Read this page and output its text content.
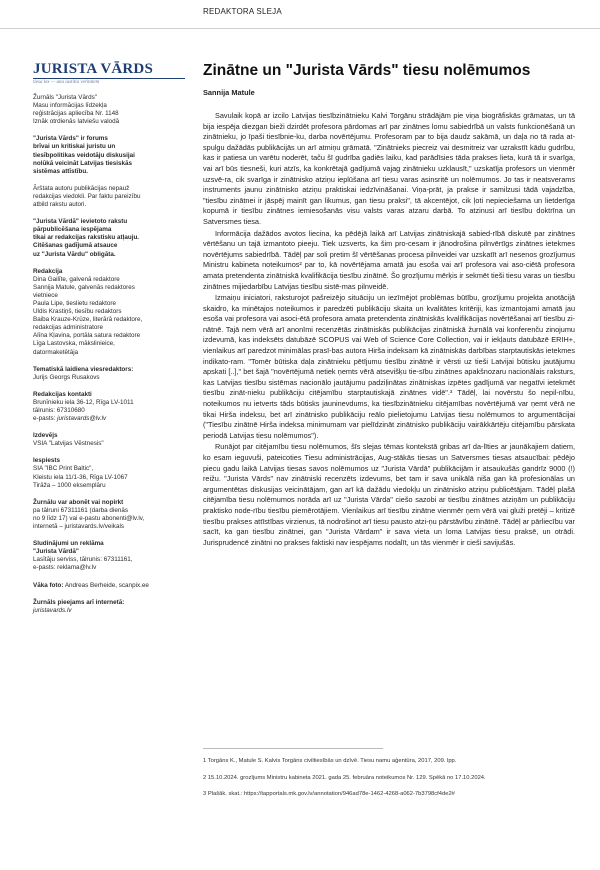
REDAKTORA SLEJA
JURISTA VĀRDS
tiesa lex — una iustitia veritatem
Žurnāls "Jurista Vārds"
Masu informācijas līdzekļa
reģistrācijas apliecība Nr. 1148
Iznāk otrdienās latviešu valodā
"Jurista Vārds" ir forums
brīvai un kritiskai juristu un
tiesībpolitikas veidotāju diskusijai
nolūkā veicināt Latvijas tiesiskās
sistēmas attīstību.
Ārštata autoru publikācijas nepauž
redakcijas viedokli. Par faktu pareizību
atbild rakstu autori.
"Jurista Vārdā" ievietoto rakstu
pārpublicēšana iespējama
tikai ar redakcijas rakstisku atļauju.
Citēšanas gadījumā atsauce
uz "Jurista Vārdu" obligāta.
Redakcija
Dina Gailīte, galvenā redaktore
Sannija Matule, galvenās redaktores
vietniece
Paula Lipe, tieslietu redaktore
Uldis Krastiņš, tiesību redaktors
Baiba Krauze-Krūze, literārā redaktore,
redakcijas administratore
Alīna Kļavina, portāla satura redaktore
Līga Lastovska, mākslinieice,
datormaketētāja
Tematiskā laidiena viesredaktors:
Jurijs Georgs Rusakovs
Redakcijas kontakti
Brunīnieku iela 36-12, Rīga LV-1011
tālrunis: 67310680
e-pasts: juristavards@lv.lv
Izdevējs
VSIA "Latvijas Vēstnesis"
Iespiests
SIA "IBC Print Baltic",
Kleistu iela 11/1-36, Rīga LV-1067
Tirāža – 1000 eksemplāru
Žurnālu var abonēt vai nopirkt
pa tālruni 67311161 (darba dienās
no 9 līdz 17) vai e-pastu abonenti@lv.lv,
internetā – juristavards.lv/veikals
Sludinājumi un reklāma
"Jurista Vārdā"
Lasītāju serviss, tālrunis: 67311161,
e-pasts: reklama@lv.lv
Vāka foto: Andreas Berheide, scanpix.ee
Žurnāls pieejams arī internetā:
juristavards.lv
Zinātne un "Jurista Vārds" tiesu nolēmumos
Sannija Matule

Savulaik kopā ar izcilo Latvijas tiesībzinātnieku Kalvi Torgānu strādājām pie viņa biogrāfiskās grāmatas, un tā bija iespēja diezgan bieži dzirdēt profesora pārdomas arī par zinātnes lomu sabiedrībā un valsts funkcionēšanā un zinātnieku, jo īpaši tiesībnie-ku, darba novērtējumu. Profesoram par to bija daudz sakāmā, un daļa no tā rada at-spulgu dažādās publikācijās un arī atmiņu grāmatā. "Zinātnieks piecreiz vai desmitreiz var uzrakstīt kādu gudrību, kas ir patiesa un varētu noderēt, taču šī gudrība gadiēs laiku, kad parādīsies tāda prakses lieta, kurā tā ir svarīga, vai arī būs tiesneši, kuri atzīs, ka konkrētajā gadījumā vajag zinātnieku uzklausīt," uzskatīja profesors un vienmēr uzsvē-ra, cik svarīga ir zinātnisko atziņu ieplūšana arī tiesu varas asinsritē un nolēmumos. Jo tas ir neatsverams instruments jaunu zinātnisko atziņu praktiskai iedzīvināšanai. Viņa-prāt, ja prakse ir samilzusi tādā vajadzība, "tiesību zinātnei ir jāspēj mainīt gan likumus, gan tiesu praksi", tā akcentējot, cik ļoti nepieciešama un lietderīga kopumā ir tiesību zinātnes iemiesošanās visu valsts varas atzaru darbā. To atzinusi arī tiesību doktrīna un Satversmes tiesa.

Informācija dažādos avotos liecina, ka pēdējā laikā arī Latvijas zinātniskajā sabied-rībā diskutē par zinātnes vērtēšanu un tajā izmantoto pieeju. Tiek uzsverts, ka šim pro-cesam ir jānodrošina pilnvērtīgs zinātnes ietekmes novērtējums sabiedrībā. Tādēļ par soli pretim šī vērtēšanas procesa pilnveidei var uzskatīt arī nesenos grozījumus Ministru kabineta noteikumos² par to, kā novērtējama amatā jau esoša vai arī profesora vai aso-ciētā profesora amata pretendenta zinātniskā kvalifikācija tiesību zinātnē. Šo grozījumu mērķis ir sekmēt tieši tiesu varas un tiesību zinātnes mijiedarbību Latvijas tiesību sistē-mas pilnveidē.

Izmaiņu iniciatori, raksturojot pašreizējo situāciju un iezīmējot problēmas būtību, grozījumu projekta anotācijā skaidro, ka minētajos noteikumos ir paredzēti publikāciju skaita un kvalitātes kritēriji, kas izmantojami amatā jau esoša vai profesora vai asoci-ētā profesora amata pretendenta zinātniskās kvalifikācijas novērtēšanai arī tiesību zi-nātnē. Tajā nem vērā arī anonīmi recenzētās zinātniskās publikācijas zinātniskā žurnālā vai konferenču zinojumu izdevumā, kas indeksēts datubāzē SCOPUS vai Web of Science Core Collection, vai ir iekļauts datubāzē ERIH+, vienlaikus arī paredzot minimālas prasī-bas autora Hirša indeksam kā zinātniskās darbības starptautiskās ietekmes indikato-ram. "Tomēr būtiska daļa zinātnieku pētījumu tiesību zinātnē ir vērsti uz tieši Latvijai būtisku jautājumu apskati [..]," bet šajā "novērtējumā netiek ņemts vērā atsevišķu tie-sību zinātnes apakšnozaru nacionālais raksturs, kas Latvijas tiesību sistēmas nacionālo jautājumu padziļinātas zinātniskas izpētes gadījumā var negatīvi ietekmēt tiesību zināt-nieku publikāciju citējamību starptautiskajā zinātnes vidē".³ Tādēļ, lai novērstu šo nepil-nību, noteikumos nu ietverts tāds būtisks jauninevdums, ka tiesībzinātnieku citējamības novērtējumā var ņemt vērā ne tikai Hirša indeksu, bet arī zinātnisko publikāciju reālo pielietojumu Latvijas tiesu nolēmumos to argumentācijai ("Tiesību zinātnē Hirša indeksa minimumam var pielīdzināt zinātnisko publikāciju vairākkārtēju citējamību pārskata periodā Latvijas tiesu nolēmumos").

Runājot par citējamību tiesu nolēmumos, šīs slejas tēmas kontekstā gribas arī da-līties ar jaunākajiem datiem, ko esam ieguvuši, pateicoties Tiesu administrācijas, Aug-stākās tiesas un Satversmes tiesas atsaucībai: pēdējo piecu gadu laikā Latvijas tiesas savos nolēmumos uz "Jurista Vārdā" publikācijām ir atsaukušās gandrīz 9000 (!) reižu. "Jurista Vārds" nav zinātniski recenzēts izdevums, bet tam ir sava unikālā niša gan kā profesionālas un argumentētas diskusijas veicinātājam, gan arī kā dažādu viedokļu un zinātnisko atziņu publicētājam. Tādēļ plašā citējamība tiesu nolēmumos norāda arī uz "Jurista Vārda" ciešo sazobi ar tiesību zinātnes atziņām un publikāciju praktisko node-rību tiesību piemērotājiem. Vienlaikus arī tiesību zinātne vienmēr ņem vērā vai gluži pretēji – kritizē tiesību prakses attīstības virzienus, tā nodrošinot arī tiesu pausto atzi-ņu pārstāvību zinātnē. Tādēļ ar pārliecību var sacīt, ka gan tiesību zinātnei, gan "Jurista Vārdam" ir sava vieta un loma Latvijas tiesu praksē, un otrādi. Jurisprudencē zinātni no prakses faktiski nav iespējams nodalīt, un tās vienmēr ir cieši savijušās.

1 Torgāns K., Matule S. Kalvis Torgāns civiltiesībās un dzīvē. Tiesu namu aģentūra, 2017, 209. lpp.
2 15.10.2024. grozījums Ministru kabineta 2021. gada 25. februāra noteikumos Nr. 129. Spēkā no 17.10.2024.
3 Plašāk. skat.: https://tapportals.mk.gov.lv/annotation/946ad78e-1462-4268-a062-7b3798cf4de2#
